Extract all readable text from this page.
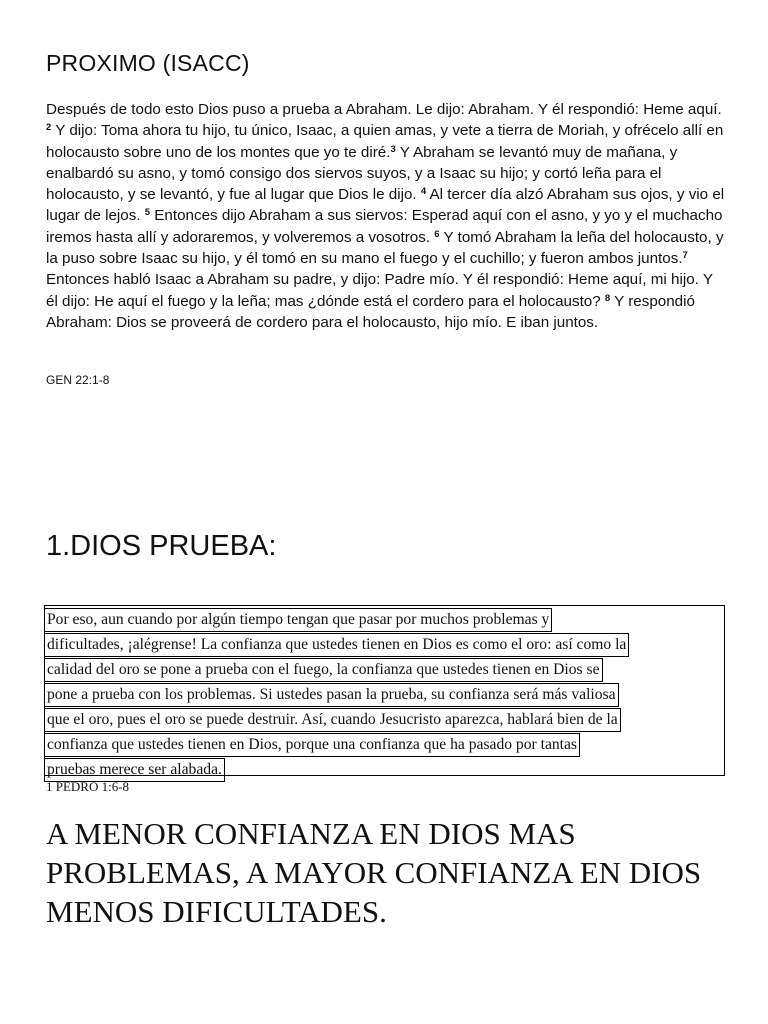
PROXIMO (ISACC)

Después de todo esto Dios puso a prueba a Abraham. Le dijo: Abraham. Y él respondió: Heme aquí. $^2$ Y dijo: Toma ahora tu hijo, tu único, Isaac, a quien amas, y vete a tierra de Moriah, y ofrécelo allí en holocausto sobre uno de los montes que yo te diré.$^3$ Y Abraham se levantó muy de mañana, y enalbardó su asno, y tomó consigo dos siervos suyos, y a Isaac su hijo; y cortó leña para el holocausto, y se levantó, y fue al lugar que Dios le dijo. $^4$ Al tercer día alzó Abraham sus ojos, y vio el lugar de lejos. $^5$ Entonces dijo Abraham a sus siervos: Esperad aquí con el asno, y yo y el muchacho iremos hasta allí y adoraremos, y volveremos a vosotros. $^6$ Y tomó Abraham la leña del holocausto, y la puso sobre Isaac su hijo, y él tomó en su mano el fuego y el cuchillo; y fueron ambos juntos.$^7$ Entonces habló Isaac a Abraham su padre, y dijo: Padre mío. Y él respondió: Heme aquí, mi hijo. Y él dijo: He aquí el fuego y la leña; mas ¿dónde está el cordero para el holocausto? $^8$ Y respondió Abraham: Dios se proveerá de cordero para el holocausto, hijo mío. E iban juntos.

GEN 22:1-8

1.DIOS PRUEBA:
Por eso, aun cuando por algún tiempo tengan que pasar por muchos problemas y
dificultades, ¡alégrense! La confianza que ustedes tienen en Dios es como el oro: así como la
calidad del oro se pone a prueba con el fuego, la confianza que ustedes tienen en Dios se
pone a prueba con los problemas. Si ustedes pasan la prueba, su confianza será más valiosa
que el oro, pues el oro se puede destruir. Así, cuando Jesucristo aparezca, hablará bien de la
confianza que ustedes tienen en Dios, porque una confianza que ha pasado por tantas
pruebas merece ser alabada.

1 PEDRO 1:6-8

A MENOR CONFIANZA EN DIOS MAS PROBLEMAS, A MAYOR CONFIANZA EN DIOS MENOS DIFICULTADES.
